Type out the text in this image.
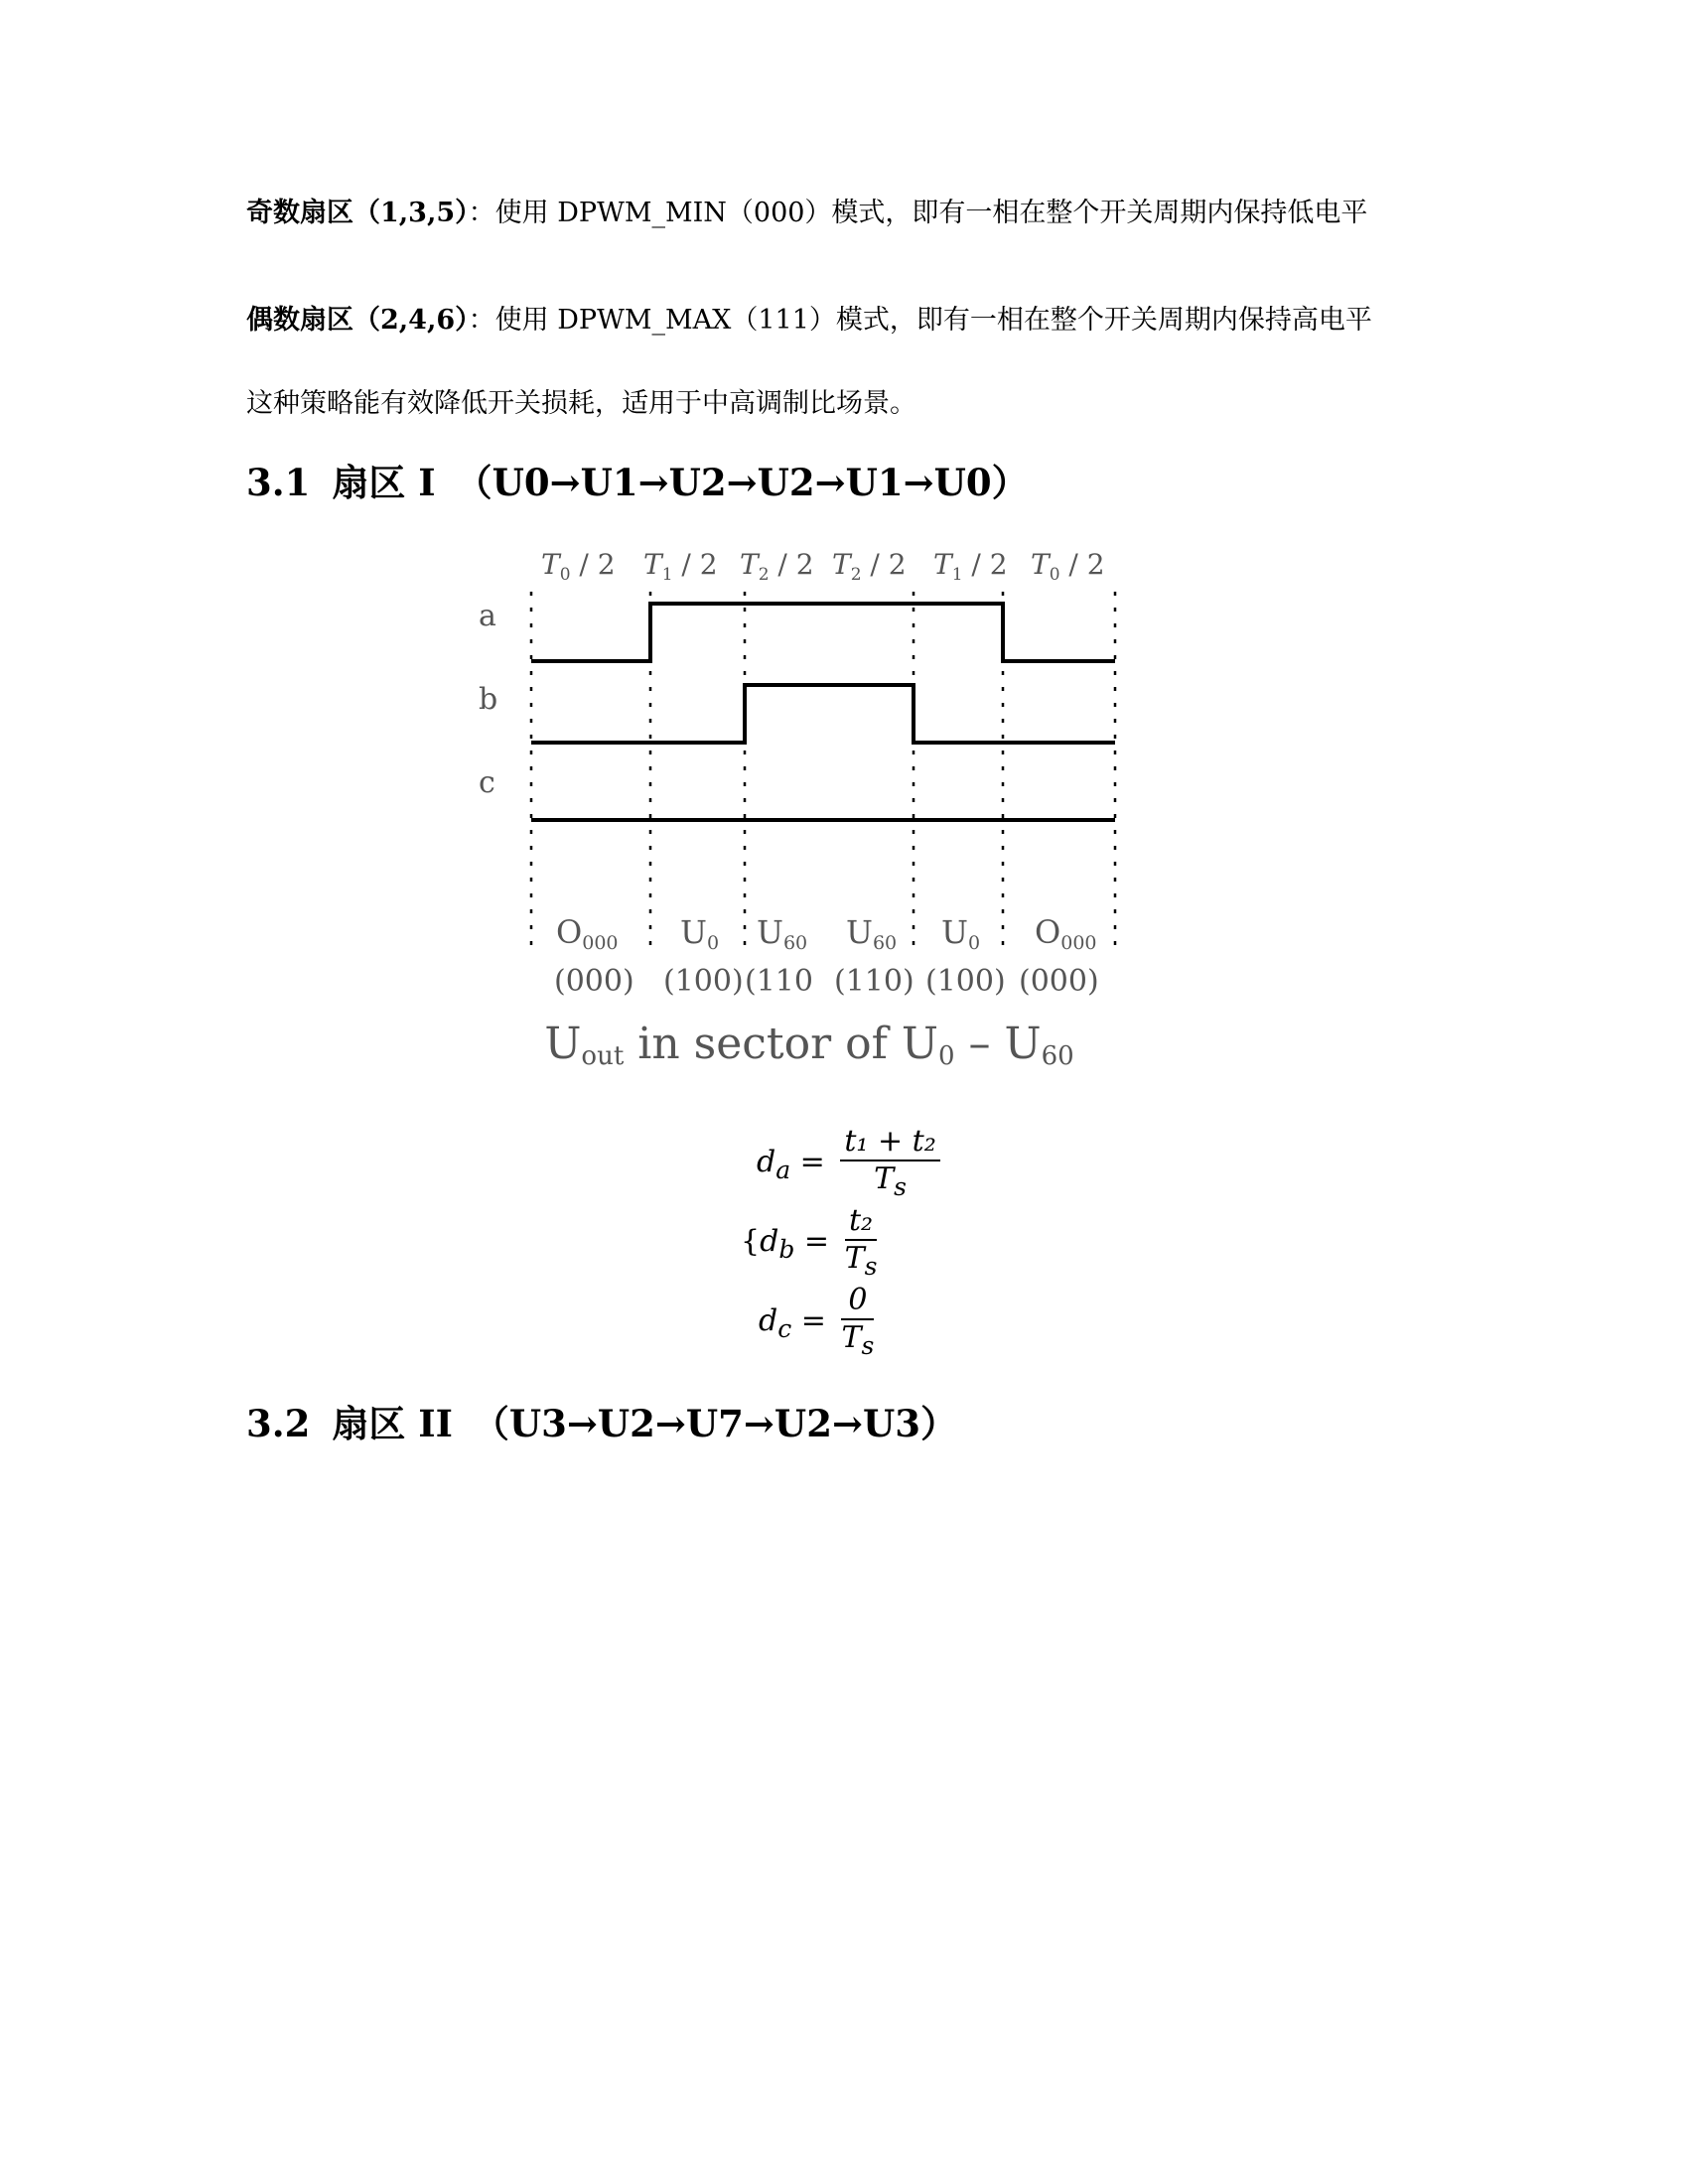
奇数扇区（1,3,5）：使用 DPWM_MIN（000）模式，即有一相在整个开关周期内保持低电平
偶数扇区（2,4,6）：使用 DPWM_MAX（111）模式，即有一相在整个开关周期内保持高电平
这种策略能有效降低开关损耗，适用于中高调制比场景。
3.1 扇区 I （U0→U1→U2→U2→U1→U0）
$T_0 / 2$ $T_1 / 2$ $T_2 / 2$ $T_2 / 2$ $T_1 / 2$ $T_0 / 2$
a
b
c
O000 U0 U60 U60 U0 O000
(000) (100) (110 (110) (100) (000)
Uout in sector of U0 – U60
$d_a = \frac{\text{t₁ + t₂}}{T_s}$
{$d_b = \frac{\text{t₂}}{T_s}$
$d_c = \frac{0}{T_s}$
3.2 扇区 II （U3→U2→U7→U2→U3）
